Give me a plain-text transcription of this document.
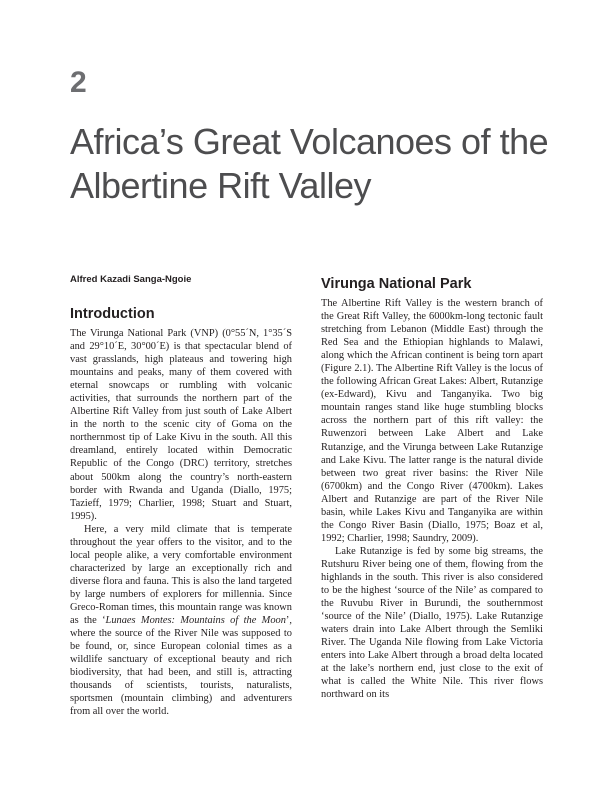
2
Africa’s Great Volcanoes of the Albertine Rift Valley

Alfred Kazadi Sanga-Ngoie

Introduction

The Virunga National Park (VNP) (0°55´N, 1°35´S and 29°10´E, 30°00´E) is that spectacular blend of vast grasslands, high plateaus and towering high mountains and peaks, many of them covered with eternal snowcaps or rumbling with volcanic activities, that surrounds the northern part of the Albertine Rift Valley from just south of Lake Albert in the north to the scenic city of Goma on the northernmost tip of Lake Kivu in the south. All this dreamland, entirely located within Democratic Republic of the Congo (DRC) territory, stretches about 500km along the country’s north-eastern border with Rwanda and Uganda (Diallo, 1975; Tazieff, 1979; Charlier, 1998; Stuart and Stuart, 1995).

Here, a very mild climate that is temperate throughout the year offers to the visitor, and to the local people alike, a very comfortable environment characterized by large an exceptionally rich and diverse flora and fauna. This is also the land targeted by large numbers of explorers for millennia. Since Greco-Roman times, this mountain range was known as the ‘Lunaes Montes: Mountains of the Moon’, where the source of the River Nile was supposed to be found, or, since European colonial times as a wildlife sanctuary of exceptional beauty and rich biodiversity, that had been, and still is, attracting thousands of scientists, tourists, naturalists, sportsmen (mountain climbing) and adventurers from all over the world.

Virunga National Park

The Albertine Rift Valley is the western branch of the Great Rift Valley, the 6000km-long tectonic fault stretching from Lebanon (Middle East) through the Red Sea and the Ethiopian highlands to Malawi, along which the African continent is being torn apart (Figure 2.1). The Albertine Rift Valley is the locus of the following African Great Lakes: Albert, Rutanzige (ex-Edward), Kivu and Tanganyika. Two big mountain ranges stand like huge stumbling blocks across the northern part of this rift valley: the Ruwenzori between Lake Albert and Lake Rutanzige, and the Virunga between Lake Rutanzige and Lake Kivu. The latter range is the natural divide between two great river basins: the River Nile (6700km) and the Congo River (4700km). Lakes Albert and Rutanzige are part of the River Nile basin, while Lakes Kivu and Tanganyika are within the Congo River Basin (Diallo, 1975; Boaz et al, 1992; Charlier, 1998; Saundry, 2009).

Lake Rutanzige is fed by some big streams, the Rutshuru River being one of them, flowing from the highlands in the south. This river is also considered to be the highest ‘source of the Nile’ as compared to the Ruvubu River in Burundi, the southernmost ‘source of the Nile’ (Diallo, 1975). Lake Rutanzige waters drain into Lake Albert through the Semliki River. The Uganda Nile flowing from Lake Victoria enters into Lake Albert through a broad delta located at the lake’s northern end, just close to the exit of what is called the White Nile. This river flows northward on its
